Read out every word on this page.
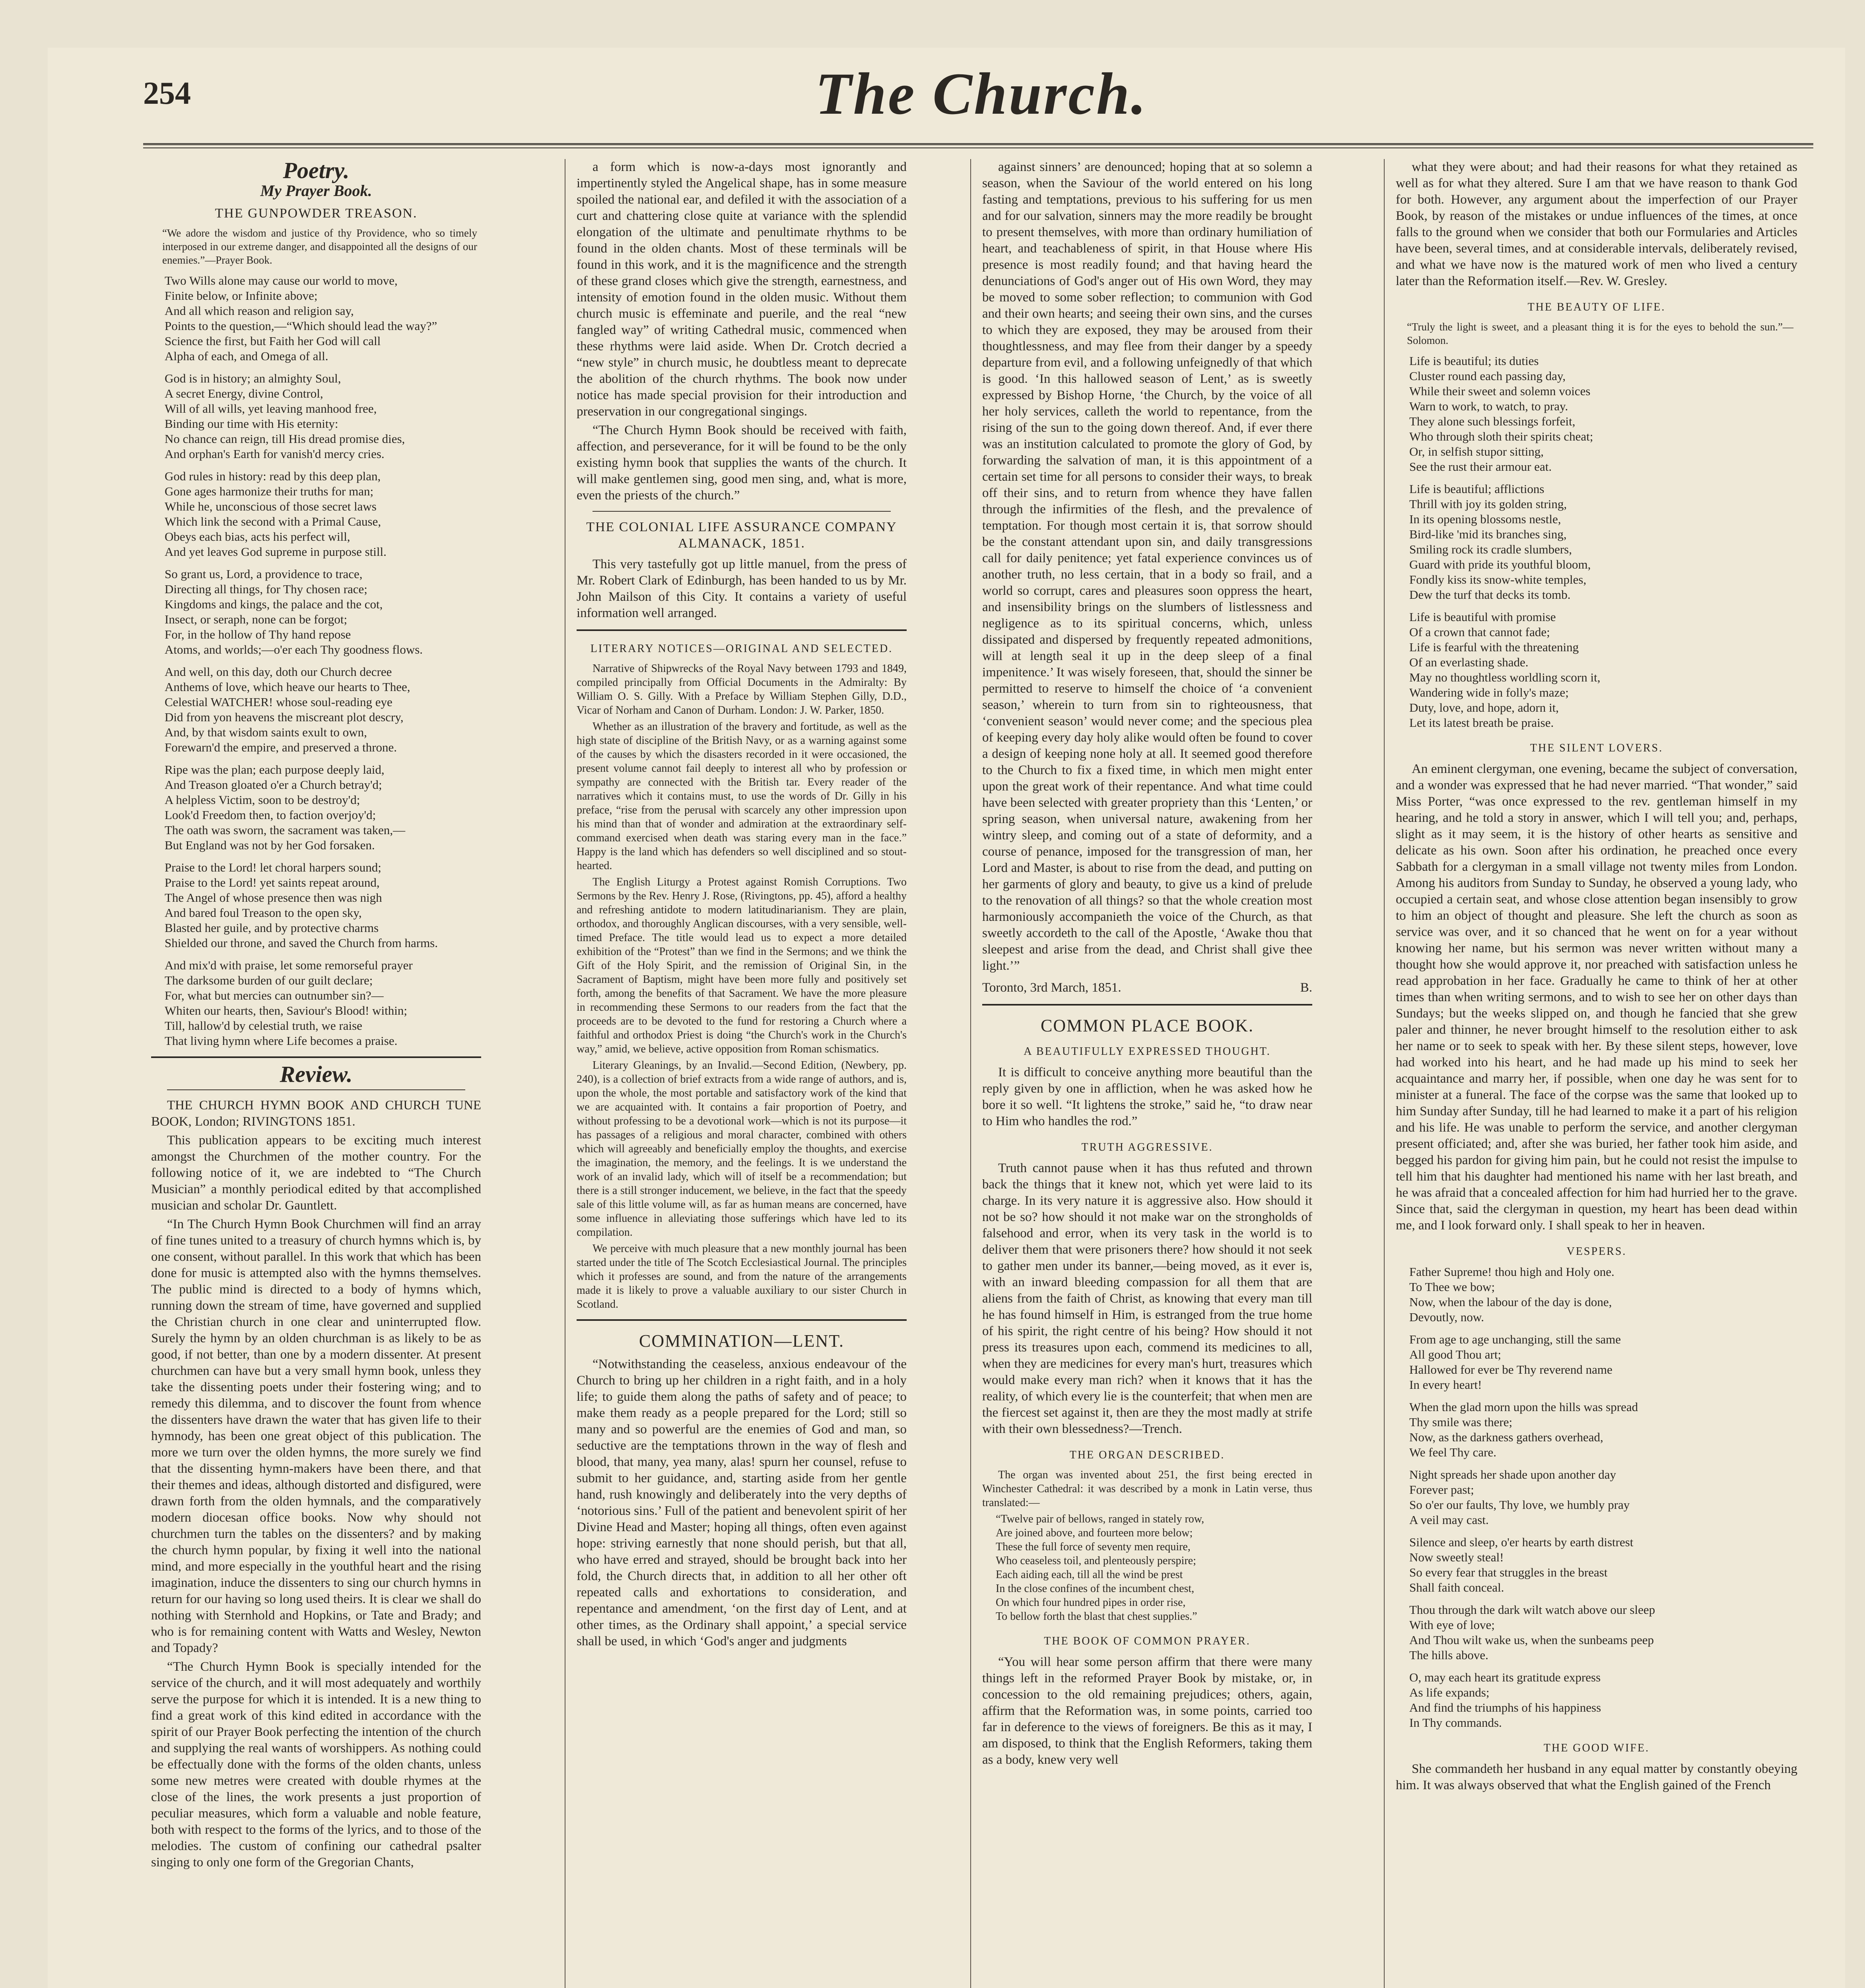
254	The Church.
Poetry.
My Prayer Book.
THE GUNPOWDER TREASON.
“We adore the wisdom and justice of thy Providence, who so timely interposed in our extreme danger, and disappointed all the designs of our enemies.”—Prayer Book.
Two Wills alone may cause our world to move,
Finite below, or Infinite above;
And all which reason and religion say,
Points to the question,—“Which should lead the way?”
Science the first, but Faith her God will call
Alpha of each, and Omega of all.
God is in history; an almighty Soul,
A secret Energy, divine Control,
Will of all wills, yet leaving manhood free,
Binding our time with His eternity:
No chance can reign, till His dread promise dies,
And orphan's Earth for vanish'd mercy cries.
God rules in history: read by this deep plan,
Gone ages harmonize their truths for man;
While he, unconscious of those secret laws
Which link the second with a Primal Cause,
Obeys each bias, acts his perfect will,
And yet leaves God supreme in purpose still.
So grant us, Lord, a providence to trace,
Directing all things, for Thy chosen race;
Kingdoms and kings, the palace and the cot,
Insect, or seraph, none can be forgot;
For, in the hollow of Thy hand repose
Atoms, and worlds;—o'er each Thy goodness flows.
And well, on this day, doth our Church decree
Anthems of love, which heave our hearts to Thee,
Celestial WATCHER! whose soul-reading eye
Did from yon heavens the miscreant plot descry,
And, by that wisdom saints exult to own,
Forewarn'd the empire, and preserved a throne.
Ripe was the plan; each purpose deeply laid,
And Treason gloated o'er a Church betray'd;
A helpless Victim, soon to be destroy'd;
Look'd Freedom then, to faction overjoy'd;
The oath was sworn, the sacrament was taken,—
But England was not by her God forsaken.
Praise to the Lord! let choral harpers sound;
Praise to the Lord! yet saints repeat around,
The Angel of whose presence then was nigh
And bared foul Treason to the open sky,
Blasted her guile, and by protective charms
Shielded our throne, and saved the Church from harms.
And mix'd with praise, let some remorseful prayer
The darksome burden of our guilt declare;
For, what but mercies can outnumber sin?—
Whiten our hearts, then, Saviour's Blood! within;
Till, hallow'd by celestial truth, we raise
That living hymn where Life becomes a praise.
Review.

THE CHURCH HYMN BOOK AND CHURCH TUNE BOOK, London; RIVINGTONS 1851.

This publication appears to be exciting much interest amongst the Churchmen of the mother country. For the following notice of it, we are indebted to “The Church Musician” a monthly periodical edited by that accomplished musician and scholar Dr. Gauntlett.

“In The Church Hymn Book Churchmen will find an array of fine tunes united to a treasury of church hymns which is, by one consent, without parallel. In this work that which has been done for music is attempted also with the hymns themselves. The public mind is directed to a body of hymns which, running down the stream of time, have governed and supplied the Christian church in one clear and uninterrupted flow. Surely the hymn by an olden churchman is as likely to be as good, if not better, than one by a modern dissenter. At present churchmen can have but a very small hymn book, unless they take the dissenting poets under their fostering wing; and to remedy this dilemma, and to discover the fount from whence the dissenters have drawn the water that has given life to their hymnody, has been one great object of this publication. The more we turn over the olden hymns, the more surely we find that the dissenting hymn-makers have been there, and that their themes and ideas, although distorted and disfigured, were drawn forth from the olden hymnals, and the comparatively modern diocesan office books. Now why should not churchmen turn the tables on the dissenters? and by making the church hymn popular, by fixing it well into the national mind, and more especially in the youthful heart and the rising imagination, induce the dissenters to sing our church hymns in return for our having so long used theirs. It is clear we shall do nothing with Sternhold and Hopkins, or Tate and Brady; and who is for remaining content with Watts and Wesley, Newton and Topady?

“The Church Hymn Book is specially intended for the service of the church, and it will most adequately and worthily serve the purpose for which it is intended. It is a new thing to find a great work of this kind edited in accordance with the spirit of our Prayer Book perfecting the intention of the church and supplying the real wants of worshippers. As nothing could be effectually done with the forms of the olden chants, unless some new metres were created with double rhymes at the close of the lines, the work presents a just proportion of peculiar measures, which form a valuable and noble feature, both with respect to the forms of the lyrics, and to those of the melodies. The custom of confining our cathedral psalter singing to only one form of the Gregorian Chants,

a form which is now-a-days most ignorantly and impertinently styled the Angelical shape, has in some measure spoiled the national ear, and defiled it with the association of a curt and chattering close quite at variance with the splendid elongation of the ultimate and penultimate rhythms to be found in the olden chants. Most of these terminals will be found in this work, and it is the magnificence and the strength of these grand closes which give the strength, earnestness, and intensity of emotion found in the olden music. Without them church music is effeminate and puerile, and the real “new fangled way” of writing Cathedral music, commenced when these rhythms were laid aside. When Dr. Crotch decried a “new style” in church music, he doubtless meant to deprecate the abolition of the church rhythms. The book now under notice has made special provision for their introduction and preservation in our congregational singings.

“The Church Hymn Book should be received with faith, affection, and perseverance, for it will be found to be the only existing hymn book that supplies the wants of the church. It will make gentlemen sing, good men sing, and, what is more, even the priests of the church.”

THE COLONIAL LIFE ASSURANCE COMPANY ALMANACK, 1851.

This very tastefully got up little manuel, from the press of Mr. Robert Clark of Edinburgh, has been handed to us by Mr. John Mailson of this City. It contains a variety of useful information well arranged.

LITERARY NOTICES—ORIGINAL AND SELECTED.

Narrative of Shipwrecks of the Royal Navy between 1793 and 1849, compiled principally from Official Documents in the Admiralty: By William O. S. Gilly. With a Preface by William Stephen Gilly, D.D., Vicar of Norham and Canon of Durham. London: J. W. Parker, 1850.

Whether as an illustration of the bravery and fortitude, as well as the high state of discipline of the British Navy, or as a warning against some of the causes by which the disasters recorded in it were occasioned, the present volume cannot fail deeply to interest all who by profession or sympathy are connected with the British tar. Every reader of the narratives which it contains must, to use the words of Dr. Gilly in his preface, “rise from the perusal with scarcely any other impression upon his mind than that of wonder and admiration at the extraordinary self-command exercised when death was staring every man in the face.” Happy is the land which has defenders so well disciplined and so stout-hearted.

The English Liturgy a Protest against Romish Corruptions. Two Sermons by the Rev. Henry J. Rose, (Rivingtons, pp. 45), afford a healthy and refreshing antidote to modern latitudinarianism. They are plain, orthodox, and thoroughly Anglican discourses, with a very sensible, well-timed Preface. The title would lead us to expect a more detailed exhibition of the “Protest” than we find in the Sermons; and we think the Gift of the Holy Spirit, and the remission of Original Sin, in the Sacrament of Baptism, might have been more fully and positively set forth, among the benefits of that Sacrament. We have the more pleasure in recommending these Sermons to our readers from the fact that the proceeds are to be devoted to the fund for restoring a Church where a faithful and orthodox Priest is doing “the Church's work in the Church's way,” amid, we believe, active opposition from Roman schismatics.

Literary Gleanings, by an Invalid.—Second Edition, (Newbery, pp. 240), is a collection of brief extracts from a wide range of authors, and is, upon the whole, the most portable and satisfactory work of the kind that we are acquainted with. It contains a fair proportion of Poetry, and without professing to be a devotional work—which is not its purpose—it has passages of a religious and moral character, combined with others which will agreeably and beneficially employ the thoughts, and exercise the imagination, the memory, and the feelings. It is we understand the work of an invalid lady, which will of itself be a recommendation; but there is a still stronger inducement, we believe, in the fact that the speedy sale of this little volume will, as far as human means are concerned, have some influence in alleviating those sufferings which have led to its compilation.

We perceive with much pleasure that a new monthly journal has been started under the title of The Scotch Ecclesiastical Journal. The principles which it professes are sound, and from the nature of the arrangements made it is likely to prove a valuable auxiliary to our sister Church in Scotland.

COMMINATION—LENT.

“Notwithstanding the ceaseless, anxious endeavour of the Church to bring up her children in a right faith, and in a holy life; to guide them along the paths of safety and of peace; to make them ready as a people prepared for the Lord; still so many and so powerful are the enemies of God and man, so seductive are the temptations thrown in the way of flesh and blood, that many, yea many, alas! spurn her counsel, refuse to submit to her guidance, and, starting aside from her gentle hand, rush knowingly and deliberately into the very depths of ‘notorious sins.’ Full of the patient and benevolent spirit of her Divine Head and Master; hoping all things, often even against hope: striving earnestly that none should perish, but that all, who have erred and strayed, should be brought back into her fold, the Church directs that, in addition to all her other oft repeated calls and exhortations to consideration, and repentance and amendment, ‘on the first day of Lent, and at other times, as the Ordinary shall appoint,’ a special service shall be used, in which ‘God's anger and judgments

against sinners’ are denounced; hoping that at so solemn a season, when the Saviour of the world entered on his long fasting and temptations, previous to his suffering for us men and for our salvation, sinners may the more readily be brought to present themselves, with more than ordinary humiliation of heart, and teachableness of spirit, in that House where His presence is most readily found; and that having heard the denunciations of God's anger out of His own Word, they may be moved to some sober reflection; to communion with God and their own hearts; and seeing their own sins, and the curses to which they are exposed, they may be aroused from their thoughtlessness, and may flee from their danger by a speedy departure from evil, and a following unfeignedly of that which is good. ‘In this hallowed season of Lent,’ as is sweetly expressed by Bishop Horne, ‘the Church, by the voice of all her holy services, calleth the world to repentance, from the rising of the sun to the going down thereof. And, if ever there was an institution calculated to promote the glory of God, by forwarding the salvation of man, it is this appointment of a certain set time for all persons to consider their ways, to break off their sins, and to return from whence they have fallen through the infirmities of the flesh, and the prevalence of temptation. For though most certain it is, that sorrow should be the constant attendant upon sin, and daily transgressions call for daily penitence; yet fatal experience convinces us of another truth, no less certain, that in a body so frail, and a world so corrupt, cares and pleasures soon oppress the heart, and insensibility brings on the slumbers of listlessness and negligence as to its spiritual concerns, which, unless dissipated and dispersed by frequently repeated admonitions, will at length seal it up in the deep sleep of a final impenitence.’ It was wisely foreseen, that, should the sinner be permitted to reserve to himself the choice of ‘a convenient season,’ wherein to turn from sin to righteousness, that ‘convenient season’ would never come; and the specious plea of keeping every day holy alike would often be found to cover a design of keeping none holy at all. It seemed good therefore to the Church to fix a fixed time, in which men might enter upon the great work of their repentance. And what time could have been selected with greater propriety than this ‘Lenten,’ or spring season, when universal nature, awakening from her wintry sleep, and coming out of a state of deformity, and a course of penance, imposed for the transgression of man, her Lord and Master, is about to rise from the dead, and putting on her garments of glory and beauty, to give us a kind of prelude to the renovation of all things? so that the whole creation most harmoniously accompanieth the voice of the Church, as that sweetly accordeth to the call of the Apostle, ‘Awake thou that sleepest and arise from the dead, and Christ shall give thee light.’”

Toronto, 3rd March, 1851.	B.
COMMON PLACE BOOK.
A BEAUTIFULLY EXPRESSED THOUGHT.

It is difficult to conceive anything more beautiful than the reply given by one in affliction, when he was asked how he bore it so well. “It lightens the stroke,” said he, “to draw near to Him who handles the rod.”

TRUTH AGGRESSIVE.

Truth cannot pause when it has thus refuted and thrown back the things that it knew not, which yet were laid to its charge. In its very nature it is aggressive also. How should it not be so? how should it not make war on the strongholds of falsehood and error, when its very task in the world is to deliver them that were prisoners there? how should it not seek to gather men under its banner,—being moved, as it ever is, with an inward bleeding compassion for all them that are aliens from the faith of Christ, as knowing that every man till he has found himself in Him, is estranged from the true home of his spirit, the right centre of his being? How should it not press its treasures upon each, commend its medicines to all, when they are medicines for every man's hurt, treasures which would make every man rich? when it knows that it has the reality, of which every lie is the counterfeit; that when men are the fiercest set against it, then are they the most madly at strife with their own blessedness?—Trench.

THE ORGAN DESCRIBED.

The organ was invented about 251, the first being erected in Winchester Cathedral: it was described by a monk in Latin verse, thus translated:—

“Twelve pair of bellows, ranged in stately row,
Are joined above, and fourteen more below;
These the full force of seventy men require,
Who ceaseless toil, and plenteously perspire;
Each aiding each, till all the wind be prest
In the close confines of the incumbent chest,
On which four hundred pipes in order rise,
To bellow forth the blast that chest supplies.”
THE BOOK OF COMMON PRAYER.

“You will hear some person affirm that there were many things left in the reformed Prayer Book by mistake, or, in concession to the old remaining prejudices; others, again, affirm that the Reformation was, in some points, carried too far in deference to the views of foreigners. Be this as it may, I am disposed, to think that the English Reformers, taking them as a body, knew very well

what they were about; and had their reasons for what they retained as well as for what they altered. Sure I am that we have reason to thank God for both. However, any argument about the imperfection of our Prayer Book, by reason of the mistakes or undue influences of the times, at once falls to the ground when we consider that both our Formularies and Articles have been, several times, and at considerable intervals, deliberately revised, and what we have now is the matured work of men who lived a century later than the Reformation itself.—Rev. W. Gresley.

THE BEAUTY OF LIFE.
“Truly the light is sweet, and a pleasant thing it is for the eyes to behold the sun.”—Solomon.
Life is beautiful; its duties
Cluster round each passing day,
While their sweet and solemn voices
Warn to work, to watch, to pray.
They alone such blessings forfeit,
Who through sloth their spirits cheat;
Or, in selfish stupor sitting,
See the rust their armour eat.
Life is beautiful; afflictions
Thrill with joy its golden string,
In its opening blossoms nestle,
Bird-like 'mid its branches sing,
Smiling rock its cradle slumbers,
Guard with pride its youthful bloom,
Fondly kiss its snow-white temples,
Dew the turf that decks its tomb.
Life is beautiful with promise
Of a crown that cannot fade;
Life is fearful with the threatening
Of an everlasting shade.
May no thoughtless worldling scorn it,
Wandering wide in folly's maze;
Duty, love, and hope, adorn it,
Let its latest breath be praise.
THE SILENT LOVERS.

An eminent clergyman, one evening, became the subject of conversation, and a wonder was expressed that he had never married. “That wonder,” said Miss Porter, “was once expressed to the rev. gentleman himself in my hearing, and he told a story in answer, which I will tell you; and, perhaps, slight as it may seem, it is the history of other hearts as sensitive and delicate as his own. Soon after his ordination, he preached once every Sabbath for a clergyman in a small village not twenty miles from London. Among his auditors from Sunday to Sunday, he observed a young lady, who occupied a certain seat, and whose close attention began insensibly to grow to him an object of thought and pleasure. She left the church as soon as service was over, and it so chanced that he went on for a year without knowing her name, but his sermon was never written without many a thought how she would approve it, nor preached with satisfaction unless he read approbation in her face. Gradually he came to think of her at other times than when writing sermons, and to wish to see her on other days than Sundays; but the weeks slipped on, and though he fancied that she grew paler and thinner, he never brought himself to the resolution either to ask her name or to seek to speak with her. By these silent steps, however, love had worked into his heart, and he had made up his mind to seek her acquaintance and marry her, if possible, when one day he was sent for to minister at a funeral. The face of the corpse was the same that looked up to him Sunday after Sunday, till he had learned to make it a part of his religion and his life. He was unable to perform the service, and another clergyman present officiated; and, after she was buried, her father took him aside, and begged his pardon for giving him pain, but he could not resist the impulse to tell him that his daughter had mentioned his name with her last breath, and he was afraid that a concealed affection for him had hurried her to the grave. Since that, said the clergyman in question, my heart has been dead within me, and I look forward only. I shall speak to her in heaven.

VESPERS.
Father Supreme! thou high and Holy one.
To Thee we bow;
Now, when the labour of the day is done,
Devoutly, now.
From age to age unchanging, still the same
All good Thou art;
Hallowed for ever be Thy reverend name
In every heart!
When the glad morn upon the hills was spread
Thy smile was there;
Now, as the darkness gathers overhead,
We feel Thy care.
Night spreads her shade upon another day
Forever past;
So o'er our faults, Thy love, we humbly pray
A veil may cast.
Silence and sleep, o'er hearts by earth distrest
Now sweetly steal!
So every fear that struggles in the breast
Shall faith conceal.
Thou through the dark wilt watch above our sleep
With eye of love;
And Thou wilt wake us, when the sunbeams peep
The hills above.
O, may each heart its gratitude express
As life expands;
And find the triumphs of his happiness
In Thy commands.
THE GOOD WIFE.

She commandeth her husband in any equal matter by constantly obeying him. It was always observed that what the English gained of the French
